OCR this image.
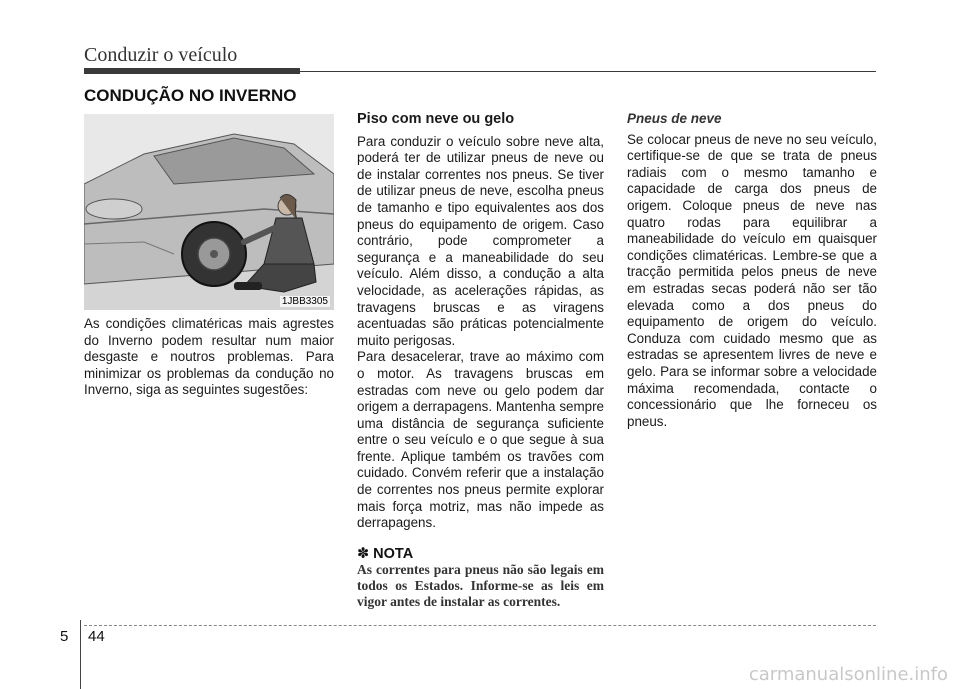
Conduzir o veículo
CONDUÇÃO NO INVERNO
1JBB3305

As condições climatéricas mais agrestes do Inverno podem resultar num maior desgaste e noutros problemas. Para minimizar os problemas da condução no Inverno, siga as seguintes sugestões:

Piso com neve ou gelo

Para conduzir o veículo sobre neve alta, poderá ter de utilizar pneus de neve ou de instalar correntes nos pneus. Se tiver de utilizar pneus de neve, escolha pneus de tamanho e tipo equivalentes aos dos pneus do equipamento de origem. Caso contrário, pode comprometer a segurança e a maneabilidade do seu veículo. Além disso, a condução a alta velocidade, as acelerações rápidas, as travagens bruscas e as viragens acentuadas são práticas potencialmente muito perigosas.

Para desacelerar, trave ao máximo com o motor. As travagens bruscas em estradas com neve ou gelo podem dar origem a derrapagens. Mantenha sempre uma distância de segurança suficiente entre o seu veículo e o que segue à sua frente. Aplique também os travões com cuidado. Convém referir que a instalação de correntes nos pneus permite explorar mais força motriz, mas não impede as derrapagens.

✽ NOTA

As correntes para pneus não são legais em todos os Estados. Informe-se as leis em vigor antes de instalar as correntes.

Pneus de neve

Se colocar pneus de neve no seu veículo, certifique-se de que se trata de pneus radiais com o mesmo tamanho e capacidade de carga dos pneus de origem. Coloque pneus de neve nas quatro rodas para equilibrar a maneabilidade do veículo em quaisquer condições climatéricas. Lembre-se que a tracção permitida pelos pneus de neve em estradas secas poderá não ser tão elevada como a dos pneus do equipamento de origem do veículo. Conduza com cuidado mesmo que as estradas se apresentem livres de neve e gelo. Para se informar sobre a velocidade máxima recomendada, contacte o concessionário que lhe forneceu os pneus.

5 44
carmanualsonline.info
